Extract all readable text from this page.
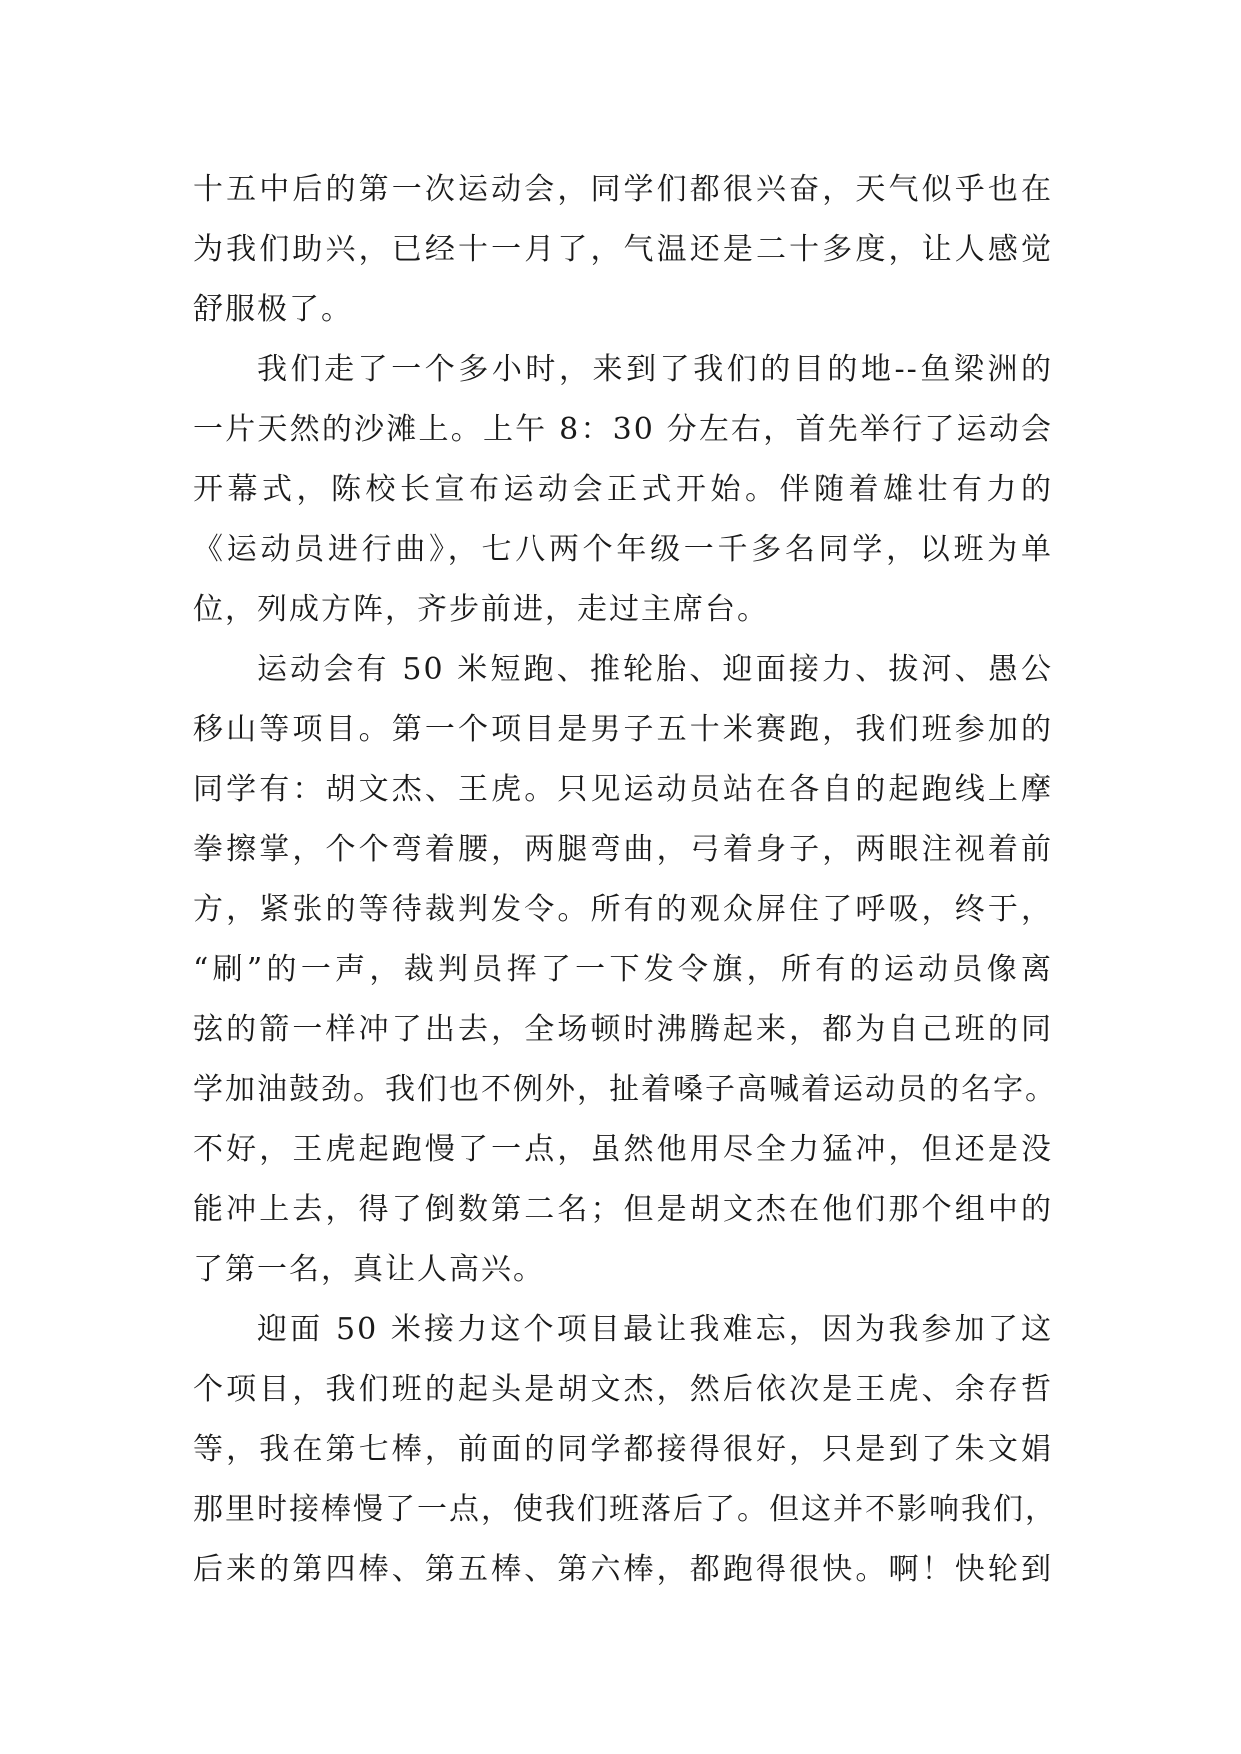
十五中后的第一次运动会，同学们都很兴奋，天气似乎也在
为我们助兴，已经十一月了，气温还是二十多度，让人感觉
舒服极了。
我们走了一个多小时，来到了我们的目的地--鱼梁洲的
一片天然的沙滩上。上午 8：30 分左右，首先举行了运动会
开幕式，陈校长宣布运动会正式开始。伴随着雄壮有力的
《运动员进行曲》，七八两个年级一千多名同学，以班为单
位，列成方阵，齐步前进，走过主席台。
运动会有 50 米短跑、推轮胎、迎面接力、拔河、愚公
移山等项目。第一个项目是男子五十米赛跑，我们班参加的
同学有：胡文杰、王虎。只见运动员站在各自的起跑线上摩
拳擦掌，个个弯着腰，两腿弯曲，弓着身子，两眼注视着前
方，紧张的等待裁判发令。所有的观众屏住了呼吸，终于，
“刷”的一声，裁判员挥了一下发令旗，所有的运动员像离
弦的箭一样冲了出去，全场顿时沸腾起来，都为自己班的同
学加油鼓劲。我们也不例外，扯着嗓子高喊着运动员的名字。
不好，王虎起跑慢了一点，虽然他用尽全力猛冲，但还是没
能冲上去，得了倒数第二名；但是胡文杰在他们那个组中的
了第一名，真让人高兴。
迎面 50 米接力这个项目最让我难忘，因为我参加了这
个项目，我们班的起头是胡文杰，然后依次是王虎、余存哲
等，我在第七棒，前面的同学都接得很好，只是到了朱文娟
那里时接棒慢了一点，使我们班落后了。但这并不影响我们，
后来的第四棒、第五棒、第六棒，都跑得很快。啊！快轮到
